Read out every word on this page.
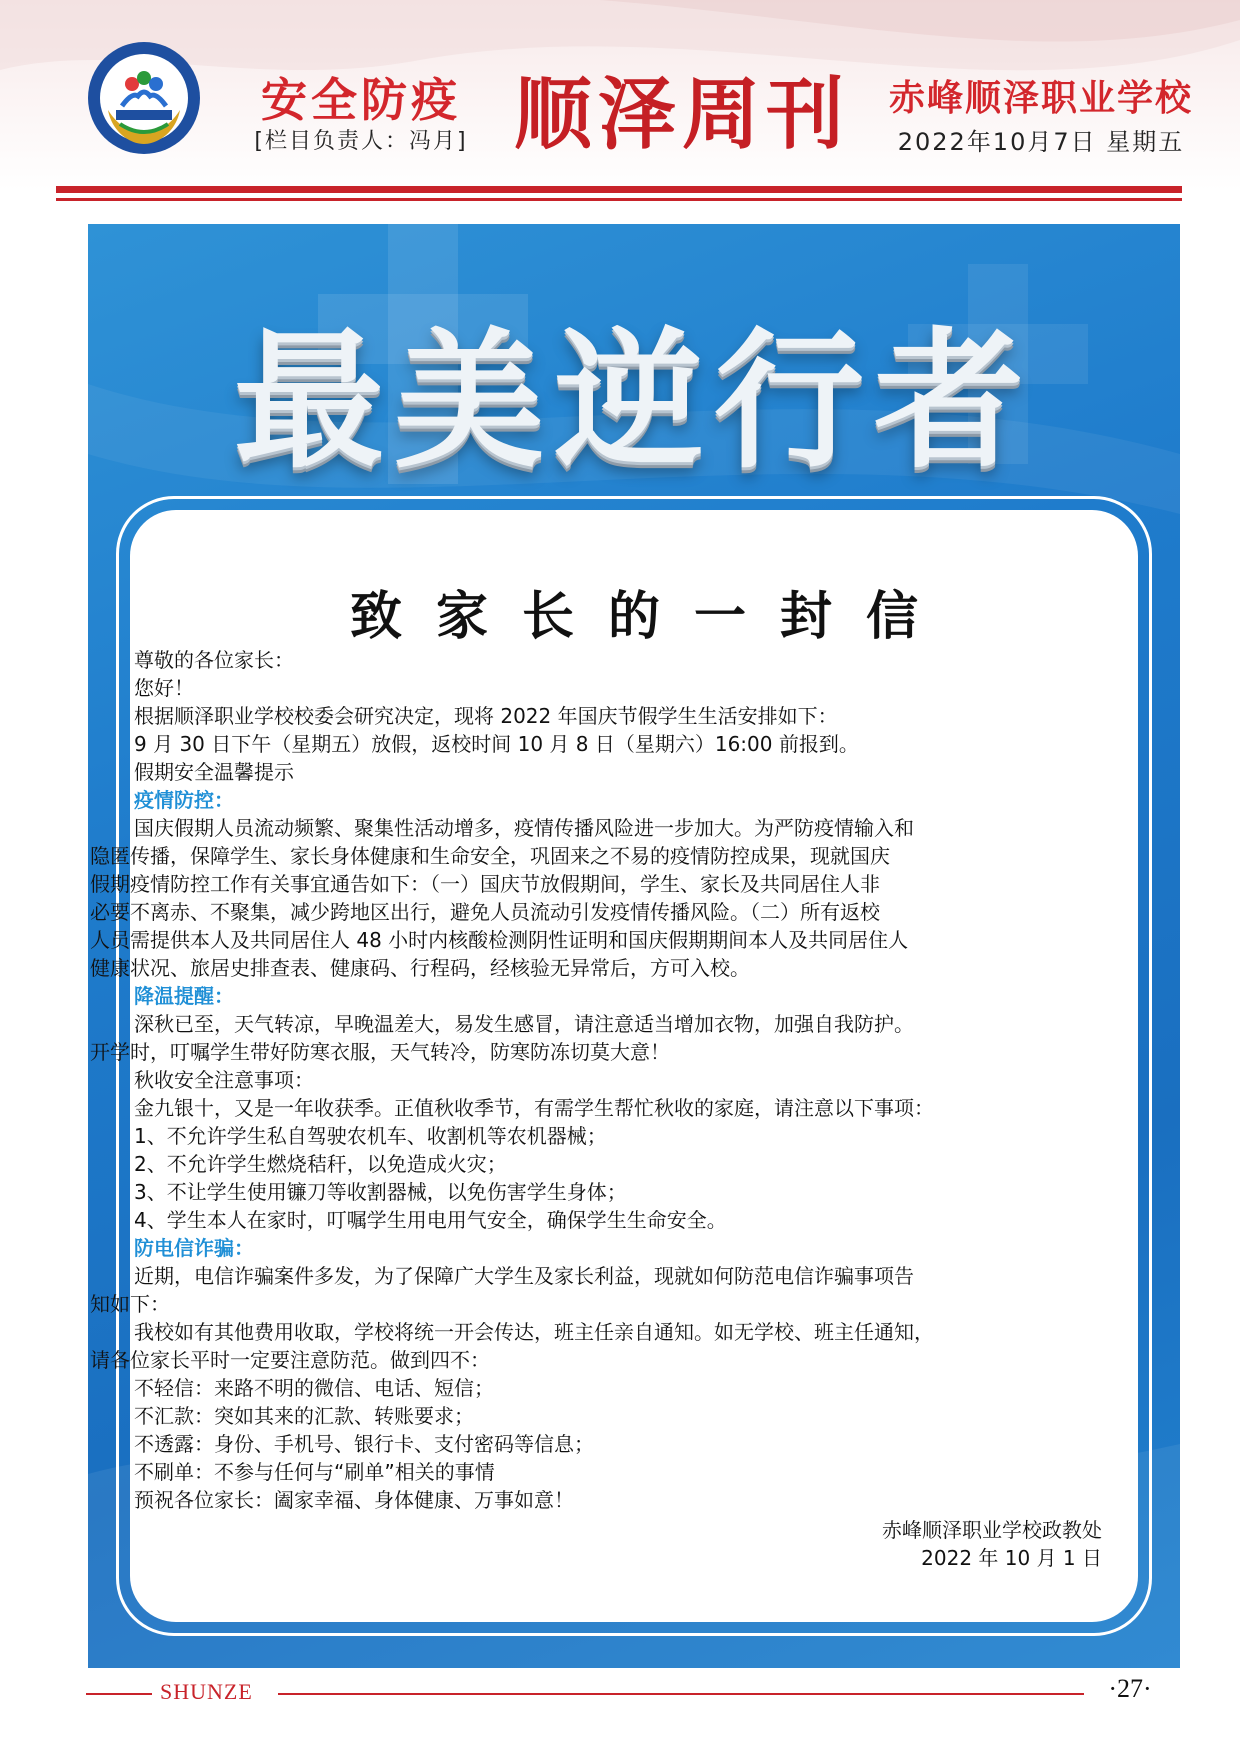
安全防疫
[栏目负责人：冯月] 顺泽周刊	赤峰顺泽职业学校
2022年10月7日 星期五
最美逆行者
致家长的一封信
尊敬的各位家长：
您好！
根据顺泽职业学校校委会研究决定，现将 2022 年国庆节假学生生活安排如下：
9 月 30 日下午（星期五）放假，返校时间 10 月 8 日（星期六）16:00 前报到。
假期安全温馨提示
疫情防控：
国庆假期人员流动频繁、聚集性活动增多，疫情传播风险进一步加大。为严防疫情输入和
隐匿传播，保障学生、家长身体健康和生命安全，巩固来之不易的疫情防控成果，现就国庆
假期疫情防控工作有关事宜通告如下：（一）国庆节放假期间，学生、家长及共同居住人非
必要不离赤、不聚集，减少跨地区出行，避免人员流动引发疫情传播风险。（二）所有返校
人员需提供本人及共同居住人 48 小时内核酸检测阴性证明和国庆假期期间本人及共同居住人
健康状况、旅居史排查表、健康码、行程码，经核验无异常后，方可入校。
降温提醒：
深秋已至，天气转凉，早晚温差大，易发生感冒，请注意适当增加衣物，加强自我防护。
开学时，叮嘱学生带好防寒衣服，天气转冷，防寒防冻切莫大意！
秋收安全注意事项：
金九银十，又是一年收获季。正值秋收季节，有需学生帮忙秋收的家庭，请注意以下事项：
1、不允许学生私自驾驶农机车、收割机等农机器械；
2、不允许学生燃烧秸秆，以免造成火灾；
3、不让学生使用镰刀等收割器械，以免伤害学生身体；
4、学生本人在家时，叮嘱学生用电用气安全，确保学生生命安全。
防电信诈骗：
近期，电信诈骗案件多发，为了保障广大学生及家长利益，现就如何防范电信诈骗事项告
知如下：
我校如有其他费用收取，学校将统一开会传达，班主任亲自通知。如无学校、班主任通知，
请各位家长平时一定要注意防范。做到四不：
不轻信：来路不明的微信、电话、短信；
不汇款：突如其来的汇款、转账要求；
不透露：身份、手机号、银行卡、支付密码等信息；
不刷单：不参与任何与“刷单”相关的事情
预祝各位家长：阖家幸福、身体健康、万事如意！
赤峰顺泽职业学校政教处
2022 年 10 月 1 日
SHUNZE	·27·
